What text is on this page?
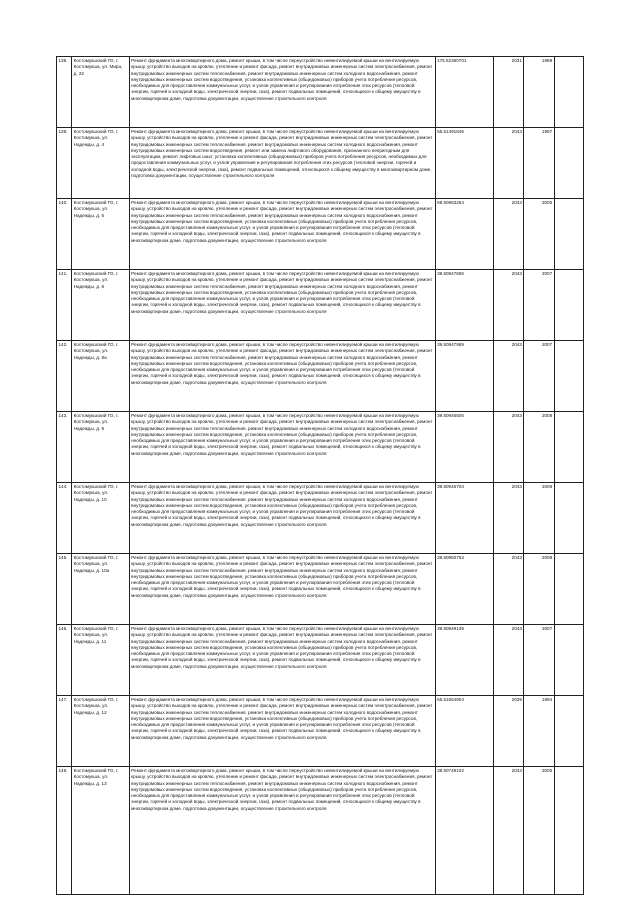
139.	Костомукшский ГО, г. Костомукша, ул. Мира, д. 22	Ремонт фундамента многоквартирного дома, ремонт крыши, в том числе переустройство невентилируемой крыши на вентилируемую крышу, устройство выходов на кровлю, утепление и ремонт фасада, ремонт внутридомовых инженерных систем электроснабжения, ремонт внутридомовых инженерных систем теплоснабжения, ремонт внутридомовых инженерных систем холодного водоснабжения, ремонт внутридомовых инженерных систем водоотведения, установка коллективных (общедомовых) приборов учета потребления ресурсов, необходимых для предоставления коммунальных услуг, и узлов управления и регулирования потребления этих ресурсов (тепловой энергии, горячей и холодной воды, электрической энергии, газа), ремонт подвальных помещений, относящихся к общему имуществу в многоквартирном доме, подготовка документации, осуществление строительного контроля	175.52360701	2031	1989	
139.	Костомукшский ГО, г. Костомукша, ул. Надежды, д. 4	Ремонт фундамента многоквартирного дома, ремонт крыши, в том числе переустройство невентилируемой крыши на вентилируемую крышу, устройство выходов на кровлю, утепление и ремонт фасада, ремонт внутридомовых инженерных систем электроснабжения, ремонт внутридомовых инженерных систем теплоснабжения, ремонт внутридомовых инженерных систем холодного водоснабжения, ремонт внутридомовых инженерных систем водоотведения, ремонт или замена лифтового оборудования, признанного непригодным для эксплуатации, ремонт лифтовых шахт, установка коллективных (общедомовых) приборов учета потребления ресурсов, необходимых для предоставления коммунальных услуг, и узлов управления и регулирования потребления этих ресурсов (тепловой энергии, горячей и холодной воды, электрической энергии, газа), ремонт подвальных помещений, относящихся к общему имуществу в многоквартирном доме, подготовка документации, осуществление строительного контроля	55.51491845	2043	1997	
140.	Костомукшский ГО, г. Костомукша, ул. Надежды, д. 6	Ремонт фундамента многоквартирного дома, ремонт крыши, в том числе переустройство невентилируемой крыши на вентилируемую крышу, устройство выходов на кровлю, утепление и ремонт фасада, ремонт внутридомовых инженерных систем электроснабжения, ремонт внутридомовых инженерных систем теплоснабжения, ремонт внутридомовых инженерных систем холодного водоснабжения, ремонт внутридомовых инженерных систем водоотведения, установка коллективных (общедомовых) приборов учета потребления ресурсов, необходимых для предоставления коммунальных услуг, и узлов управления и регулирования потребления этих ресурсов (тепловой энергии, горячей и холодной воды, электрической энергии, газа), ремонт подвальных помещений, относящихся к общему имуществу в многоквартирном доме, подготовка документации, осуществление строительного контроля	59.50953254	2043	2005	
141.	Костомукшский ГО, г. Костомукша, ул. Надежды, д. 8	Ремонт фундамента многоквартирного дома, ремонт крыши, в том числе переустройство невентилируемой крыши на вентилируемую крышу, устройство выходов на кровлю, утепление и ремонт фасада, ремонт внутридомовых инженерных систем электроснабжения, ремонт внутридомовых инженерных систем теплоснабжения, ремонт внутридомовых инженерных систем холодного водоснабжения, ремонт внутридомовых инженерных систем водоотведения, установка коллективных (общедомовых) приборов учета потребления ресурсов, необходимых для предоставления коммунальных услуг, и узлов управления и регулирования потребления этих ресурсов (тепловой энергии, горячей и холодной воды, электрической энергии, газа), ремонт подвальных помещений, относящихся к общему имуществу в многоквартирном доме, подготовка документации, осуществление строительного контроля	39.50947606	2043	2007	
142.	Костомукшский ГО, г. Костомукша, ул. Надежды, д. 8а	Ремонт фундамента многоквартирного дома, ремонт крыши, в том числе переустройство невентилируемой крыши на вентилируемую крышу, устройство выходов на кровлю, утепление и ремонт фасада, ремонт внутридомовых инженерных систем электроснабжения, ремонт внутридомовых инженерных систем теплоснабжения, ремонт внутридомовых инженерных систем холодного водоснабжения, ремонт внутридомовых инженерных систем водоотведения, установка коллективных (общедомовых) приборов учета потребления ресурсов, необходимых для предоставления коммунальных услуг, и узлов управления и регулирования потребления этих ресурсов (тепловой энергии, горячей и холодной воды, электрической энергии, газа), ремонт подвальных помещений, относящихся к общему имуществу в многоквартирном доме, подготовка документации, осуществление строительного контроля	39.50947959	2043	2007	
143.	Костомукшский ГО, г. Костомукша, ул. Надежды, д. 9	Ремонт фундамента многоквартирного дома, ремонт крыши, в том числе переустройство невентилируемой крыши на вентилируемую крышу, устройство выходов на кровлю, утепление и ремонт фасада, ремонт внутридомовых инженерных систем электроснабжения, ремонт внутридомовых инженерных систем теплоснабжения, ремонт внутридомовых инженерных систем холодного водоснабжения, ремонт внутридомовых инженерных систем водоотведения, установка коллективных (общедомовых) приборов учета потребления ресурсов, необходимых для предоставления коммунальных услуг, и узлов управления и регулирования потребления этих ресурсов (тепловой энергии, горячей и холодной воды, электрической энергии, газа), ремонт подвальных помещений, относящихся к общему имуществу в многоквартирном доме, подготовка документации, осуществление строительного контроля	39.50946505	2043	2008	
144.	Костомукшский ГО, г. Костомукша, ул. Надежды, д. 10	Ремонт фундамента многоквартирного дома, ремонт крыши, в том числе переустройство невентилируемой крыши на вентилируемую крышу, устройство выходов на кровлю, утепление и ремонт фасада, ремонт внутридомовых инженерных систем электроснабжения, ремонт внутридомовых инженерных систем теплоснабжения, ремонт внутридомовых инженерных систем холодного водоснабжения, ремонт внутридомовых инженерных систем водоотведения, установка коллективных (общедомовых) приборов учета потребления ресурсов, необходимых для предоставления коммунальных услуг, и узлов управления и регулирования потребления этих ресурсов (тепловой энергии, горячей и холодной воды, электрической энергии, газа), ремонт подвальных помещений, относящихся к общему имуществу в многоквартирном доме, подготовка документации, осуществление строительного контроля	39.50946704	2043	2008	
145.	Костомукшский ГО, г. Костомукша, ул. Надежды, д. 10а	Ремонт фундамента многоквартирного дома, ремонт крыши, в том числе переустройство невентилируемой крыши на вентилируемую крышу, устройство выходов на кровлю, утепление и ремонт фасада, ремонт внутридомовых инженерных систем электроснабжения, ремонт внутридомовых инженерных систем теплоснабжения, ремонт внутридомовых инженерных систем холодного водоснабжения, ремонт внутридомовых инженерных систем водоотведения, установка коллективных (общедомовых) приборов учета потребления ресурсов, необходимых для предоставления коммунальных услуг, и узлов управления и регулирования потребления этих ресурсов (тепловой энергии, горячей и холодной воды, электрической энергии, газа), ремонт подвальных помещений, относящихся к общему имуществу в многоквартирном доме, подготовка документации, осуществление строительного контроля	39.50950753	2043	2008	
146.	Костомукшский ГО, г. Костомукша, ул. Надежды, д. 11	Ремонт фундамента многоквартирного дома, ремонт крыши, в том числе переустройство невентилируемой крыши на вентилируемую крышу, устройство выходов на кровлю, утепление и ремонт фасада, ремонт внутридомовых инженерных систем электроснабжения, ремонт внутридомовых инженерных систем теплоснабжения, ремонт внутридомовых инженерных систем холодного водоснабжения, ремонт внутридомовых инженерных систем водоотведения, установка коллективных (общедомовых) приборов учета потребления ресурсов, необходимых для предоставления коммунальных услуг, и узлов управления и регулирования потребления этих ресурсов (тепловой энергии, горячей и холодной воды, электрической энергии, газа), ремонт подвальных помещений, относящихся к общему имуществу в многоквартирном доме, подготовка документации, осуществление строительного контроля	39.50949139	2043	2007	
147.	Костомукшский ГО, г. Костомукша, ул. Надежды, д. 12	Ремонт фундамента многоквартирного дома, ремонт крыши, в том числе переустройство невентилируемой крыши на вентилируемую крышу, устройство выходов на кровлю, утепление и ремонт фасада, ремонт внутридомовых инженерных систем электроснабжения, ремонт внутридомовых инженерных систем теплоснабжения, ремонт внутридомовых инженерных систем холодного водоснабжения, ремонт внутридомовых инженерных систем водоотведения, установка коллективных (общедомовых) приборов учета потребления ресурсов, необходимых для предоставления коммунальных услуг, и узлов управления и регулирования потребления этих ресурсов (тепловой энергии, горячей и холодной воды, электрической энергии, газа), ремонт подвальных помещений, относящихся к общему имуществу в многоквартирном доме, подготовка документации, осуществление строительного контроля	65.51654904	2039	1994	
148.	Костомукшский ГО, г. Костомукша, ул. Надежды, д. 13	Ремонт фундамента многоквартирного дома, ремонт крыши, в том числе переустройство невентилируемой крыши на вентилируемую крышу, устройство выходов на кровлю, утепление и ремонт фасада, ремонт внутридомовых инженерных систем электроснабжения, ремонт внутридомовых инженерных систем теплоснабжения, ремонт внутридомовых инженерных систем холодного водоснабжения, ремонт внутридомовых инженерных систем водоотведения, установка коллективных (общедомовых) приборов учета потребления ресурсов, необходимых для предоставления коммунальных услуг, и узлов управления и регулирования потребления этих ресурсов (тепловой энергии, горячей и холодной воды, электрической энергии, газа), ремонт подвальных помещений, относящихся к общему имуществу в многоквартирном доме, подготовка документации, осуществление строительного контроля	39.50749102	2043	2005	
